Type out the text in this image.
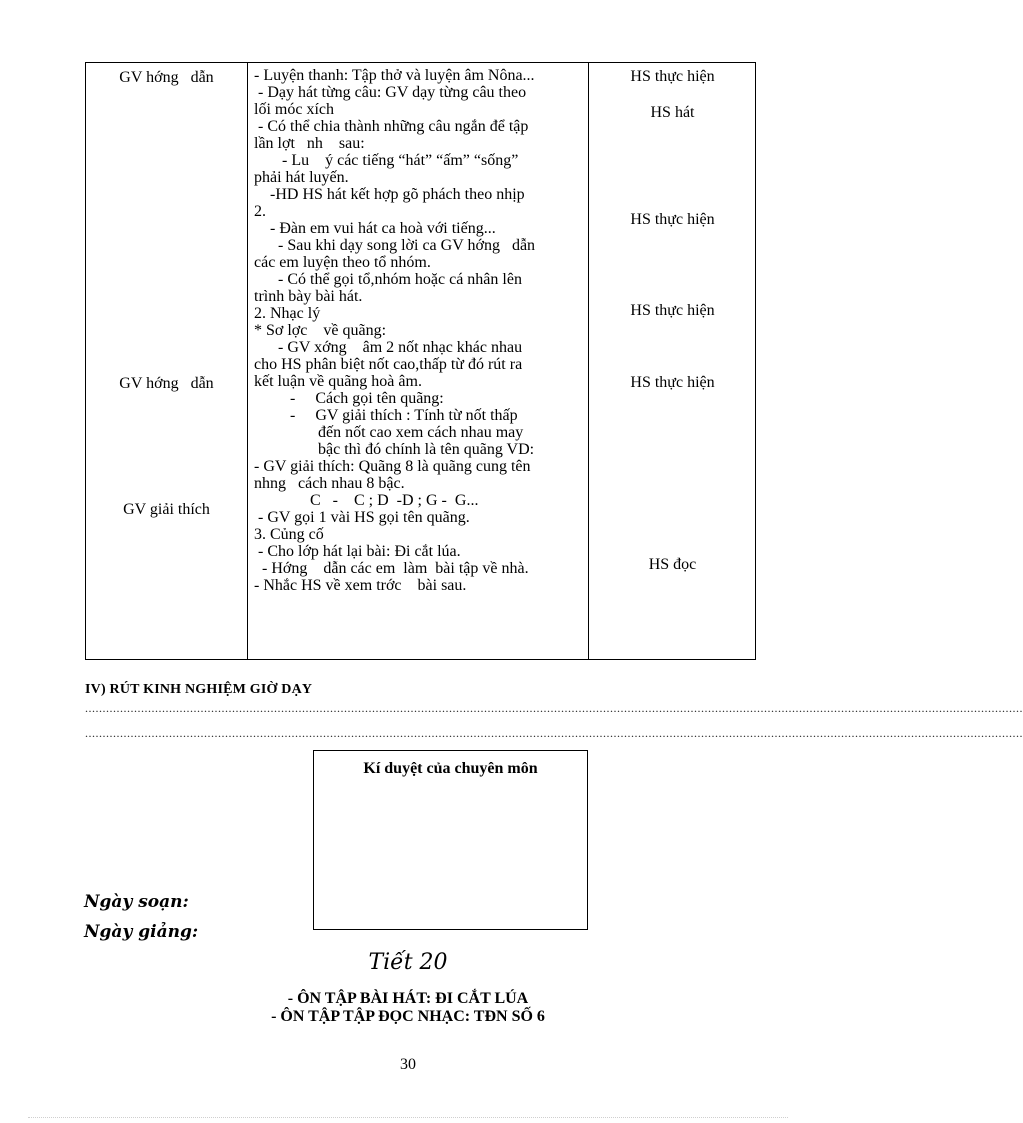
GV hớng   dẫn
GV hớng   dẫn
GV giải thích
- Luyện thanh: Tập thở và luyện âm Nôna...
- Dạy hát từng câu: GV dạy từng câu theo
lối móc xích
- Có thể chia thành những câu ngắn để tập
lần lợt   nh    sau:
- Lu    ý các tiếng “hát” “ấm” “sống”
phải hát luyến.
-HD HS hát kết hợp gõ phách theo nhịp
2.
- Đàn em vui hát ca hoà với tiếng...
- Sau khi dạy song lời ca GV hớng   dẫn
các em luyện theo tổ nhóm.
- Có thể gọi tổ,nhóm hoặc cá nhân lên
trình bày bài hát.
2. Nhạc lý
* Sơ lợc    về quãng:
- GV xớng    âm 2 nốt nhạc khác nhau
cho HS phân biệt nốt cao,thấp từ đó rút ra
kết luận về quãng hoà âm.
-     Cách gọi tên quãng:
-     GV giải thích : Tính từ nốt thấp
đến nốt cao xem cách nhau may
bậc thì đó chính là tên quãng VD:
- GV giải thích: Quãng 8 là quãng cung tên
nhng   cách nhau 8 bậc.
C   -    C ; D  -D ; G -  G...
- GV gọi 1 vài HS gọi tên quãng.
3. Củng cố
- Cho lớp hát lại bài: Đi cắt lúa.
- Hớng    dẫn các em  làm  bài tập về nhà.
- Nhắc HS về xem trớc    bài sau.
HS thực hiện
HS hát
HS thực hiện
HS thực hiện
HS thực hiện
HS đọc
IV) RÚT KINH NGHIỆM GIỜ DẠY
............................................................................................................................................................................................................................................................................
............................................................................................................................................................................................................................................................................
Kí duyệt của chuyên môn
Ngày soạn:
Ngày giảng:
Tiết 20
- ÔN TẬP BÀI HÁT: ĐI CẮT LÚA
- ÔN TẬP TẬP ĐỌC NHẠC: TĐN SỐ 6
30
